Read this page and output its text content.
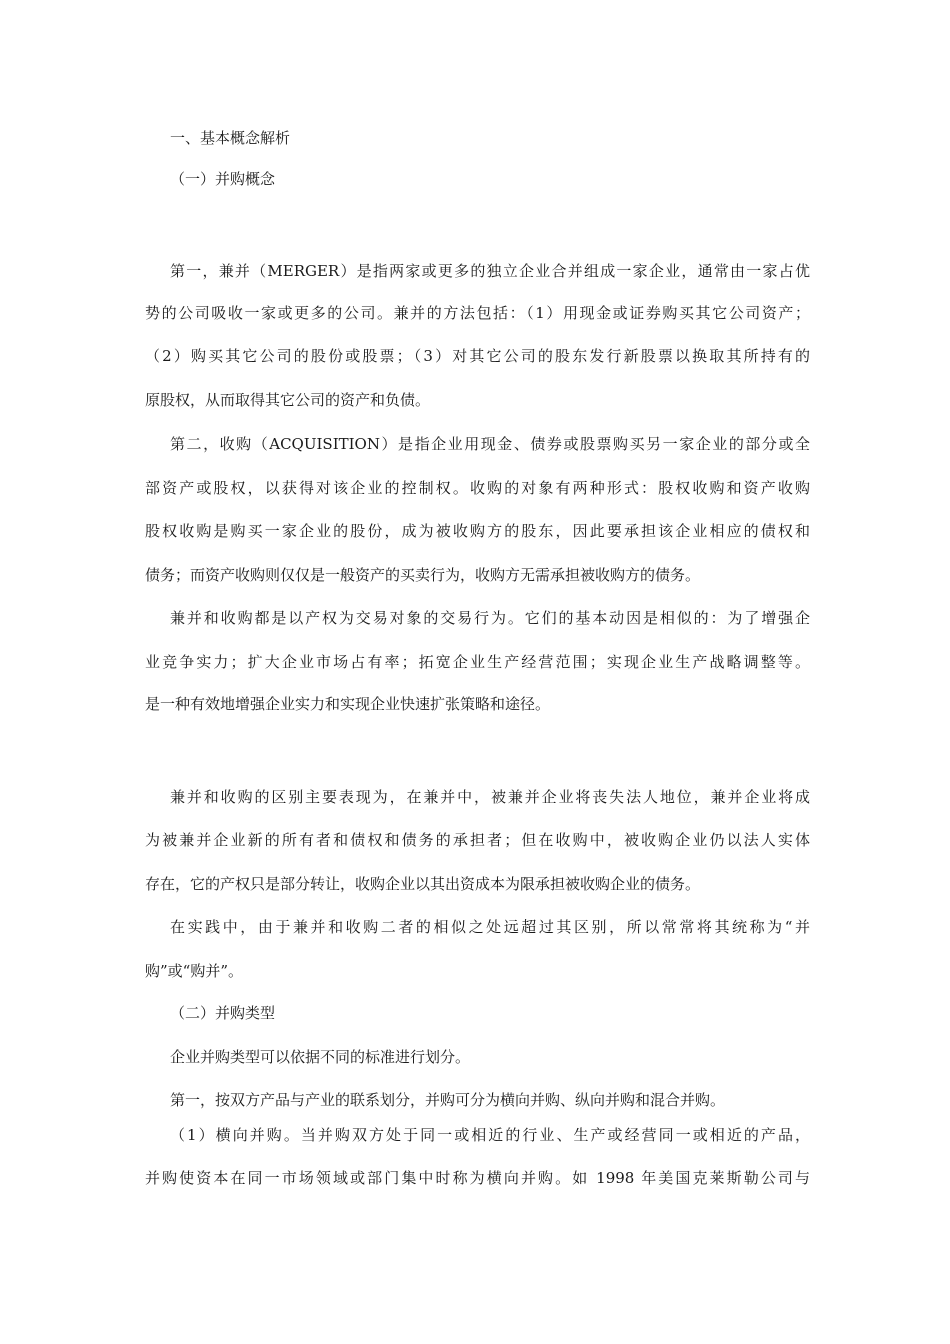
一、基本概念解析
（一）并购概念
第一，兼并（MERGER）是指两家或更多的独立企业合并组成一家企业，通常由一家占优
势的公司吸收一家或更多的公司。兼并的方法包括：（1）用现金或证券购买其它公司资产；
（2）购买其它公司的股份或股票；（3）对其它公司的股东发行新股票以换取其所持有的
原股权，从而取得其它公司的资产和负债。
第二，收购（ACQUISITION）是指企业用现金、债券或股票购买另一家企业的部分或全
部资产或股权，以获得对该企业的控制权。收购的对象有两种形式：股权收购和资产收购
股权收购是购买一家企业的股份，成为被收购方的股东，因此要承担该企业相应的债权和
债务；而资产收购则仅仅是一般资产的买卖行为，收购方无需承担被收购方的债务。
兼并和收购都是以产权为交易对象的交易行为。它们的基本动因是相似的：为了增强企
业竞争实力；扩大企业市场占有率；拓宽企业生产经营范围；实现企业生产战略调整等。
是一种有效地增强企业实力和实现企业快速扩张策略和途径。
兼并和收购的区别主要表现为，在兼并中，被兼并企业将丧失法人地位，兼并企业将成
为被兼并企业新的所有者和债权和债务的承担者；但在收购中，被收购企业仍以法人实体
存在，它的产权只是部分转让，收购企业以其出资成本为限承担被收购企业的债务。
在实践中，由于兼并和收购二者的相似之处远超过其区别，所以常常将其统称为“并
购”或“购并”。
（二）并购类型
企业并购类型可以依据不同的标准进行划分。
第一，按双方产品与产业的联系划分，并购可分为横向并购、纵向并购和混合并购。
（1）横向并购。当并购双方处于同一或相近的行业、生产或经营同一或相近的产品，
并购使资本在同一市场领域或部门集中时称为横向并购。如 1998 年美国克莱斯勒公司与
